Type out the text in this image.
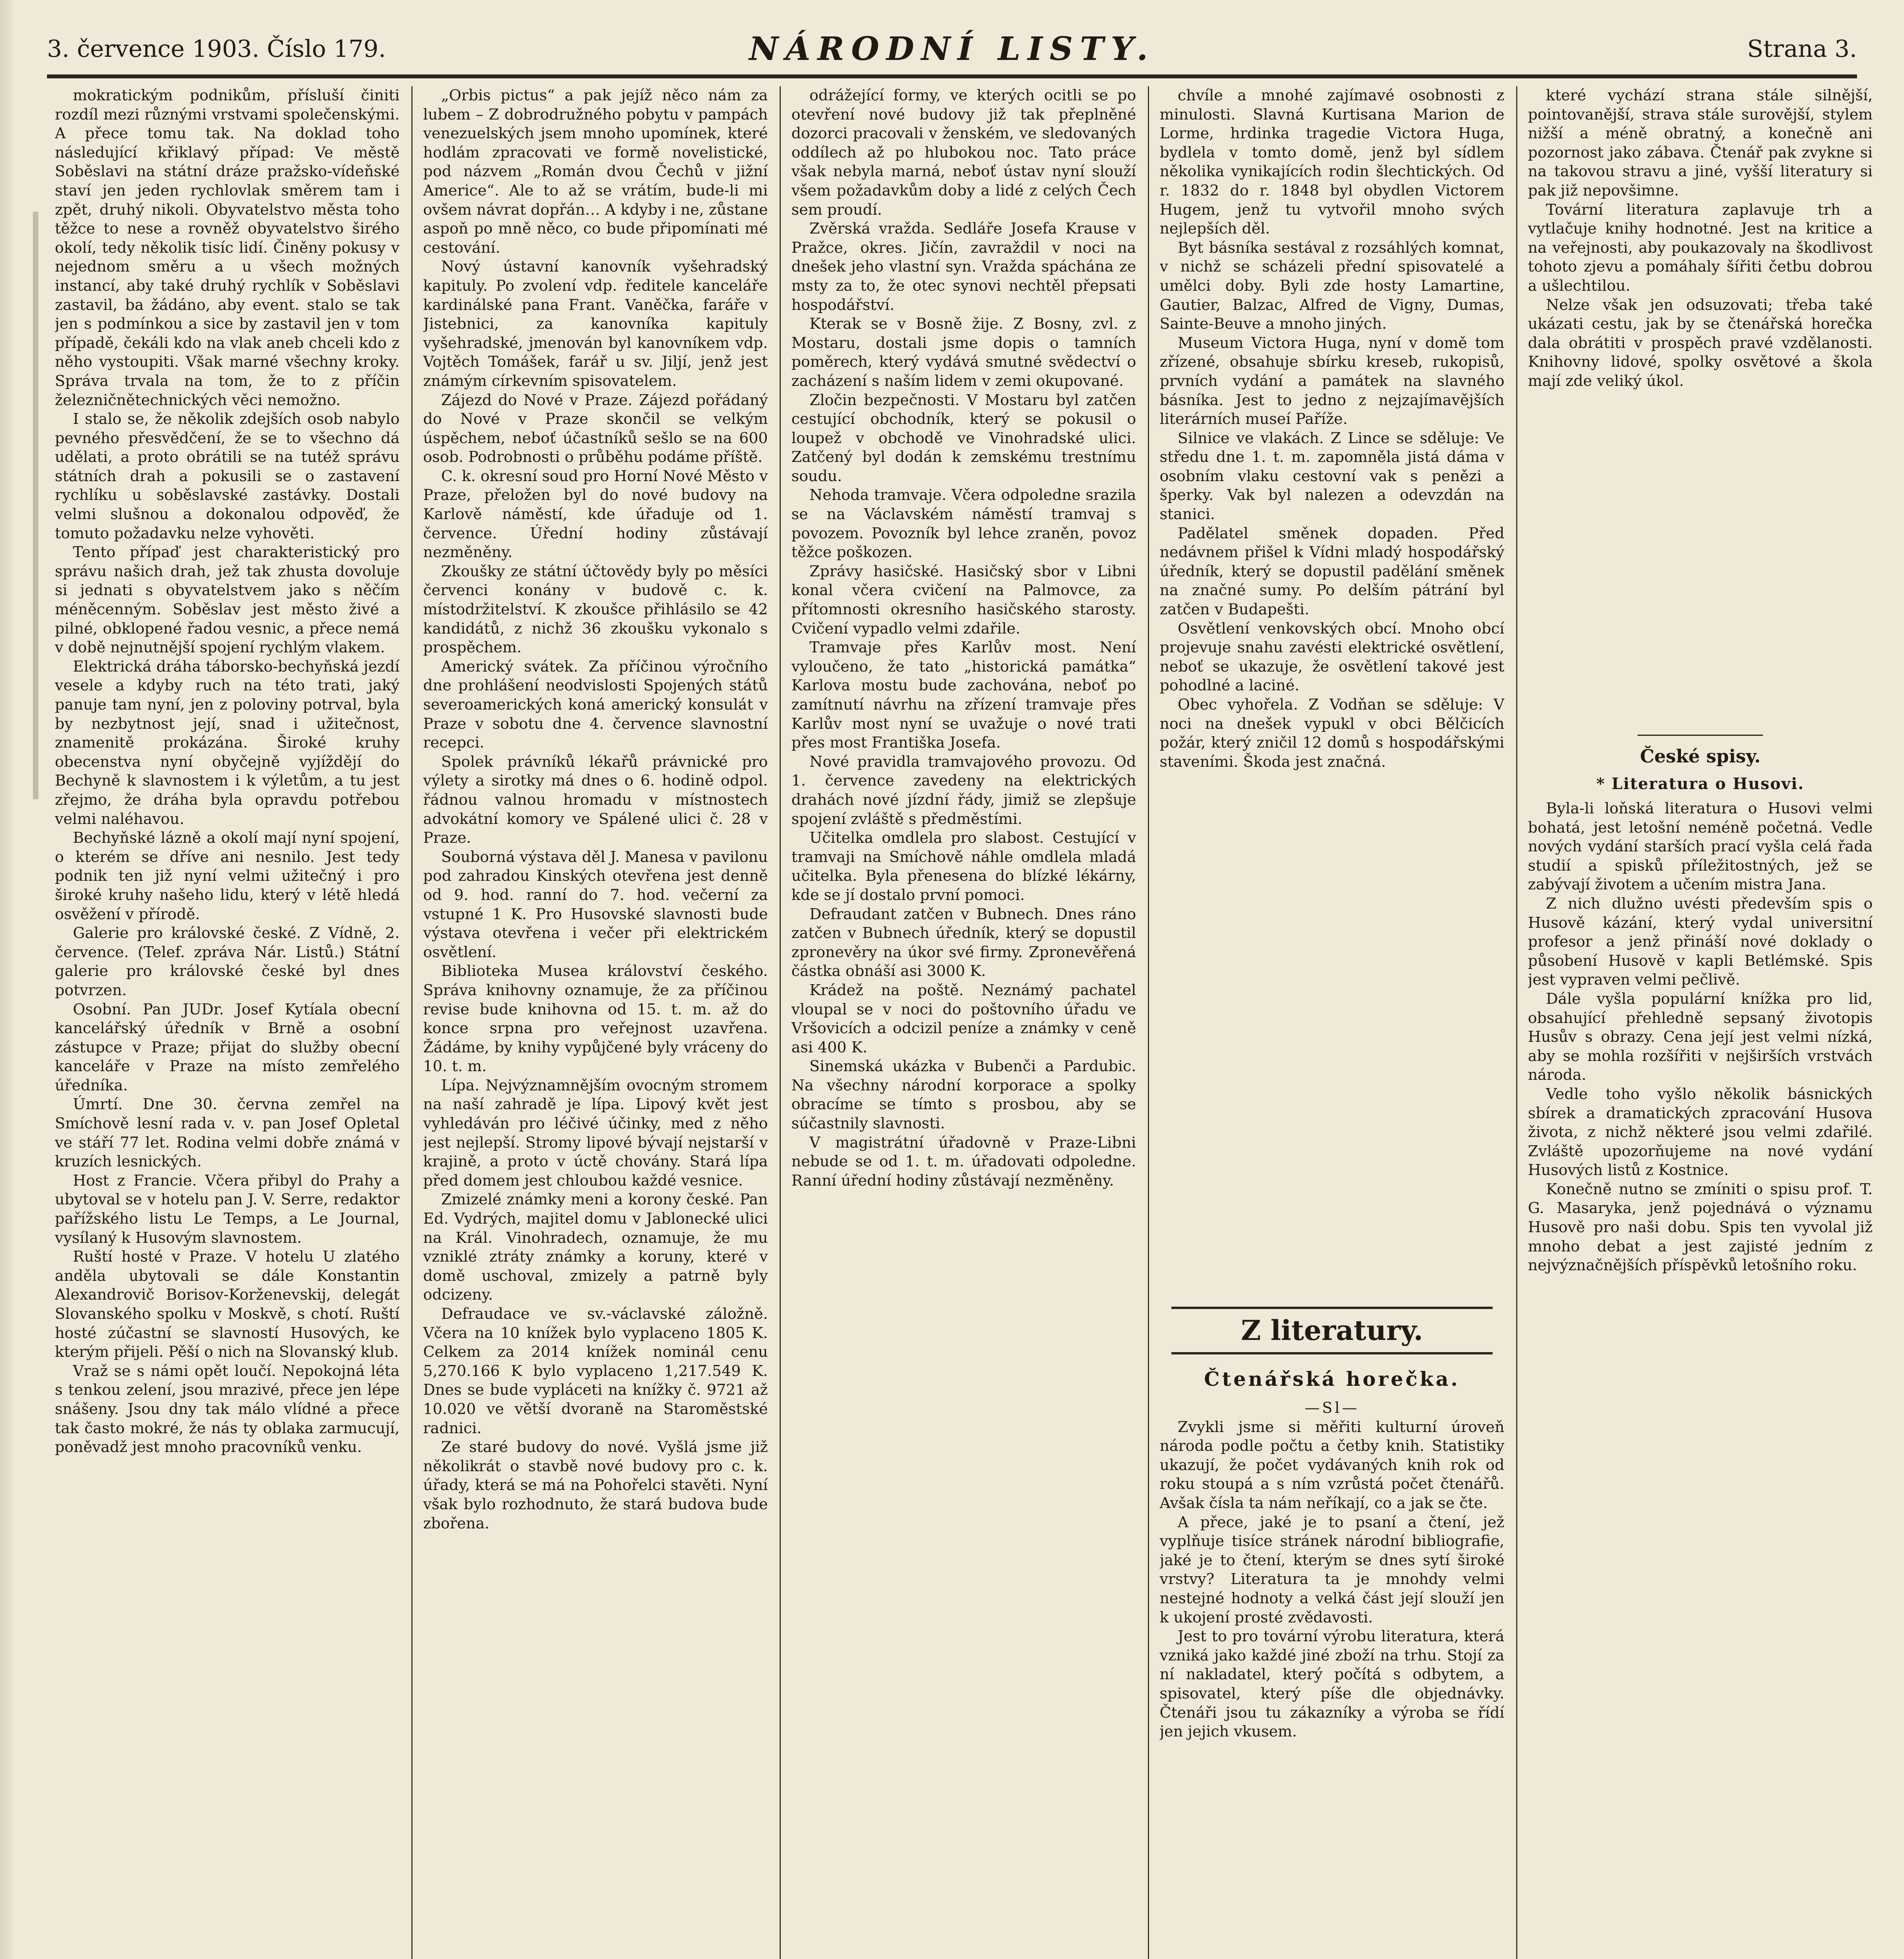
3. července 1903. Číslo 179.	NÁRODNÍ LISTY.	Strana 3.

mokratickým podnikům, přísluší činiti rozdíl mezi různými vrstvami společenskými. A přece tomu tak. Na doklad toho následující křiklavý případ: Ve městě Soběslavi na státní dráze pražsko-vídeňské staví jen jeden rychlovlak směrem tam i zpět, druhý nikoli. Obyvatelstvo města toho těžce to nese a rovněž obyvatelstvo širého okolí, tedy několik tisíc lidí. Činěny pokusy v nejednom směru a u všech možných instancí, aby také druhý rychlík v Soběslavi zastavil, ba žádáno, aby event. stalo se tak jen s podmínkou a sice by zastavil jen v tom případě, čekáli kdo na vlak aneb chceli kdo z něho vystoupiti. Však marné všechny kroky. Správa trvala na tom, že to z příčin železničnětechnických věci nemožno.

I stalo se, že několik zdejších osob nabylo pevného přesvědčení, že se to všechno dá udělati, a proto obrátili se na tutéž správu státních drah a pokusili se o zastavení rychlíku u soběslavské zastávky. Dostali velmi slušnou a dokonalou odpověď, že tomuto požadavku nelze vyhověti.

Tento přípaď jest charakteristický pro správu našich drah, jež tak zhusta dovoluje si jednati s obyvatelstvem jako s něčím méněcenným. Soběslav jest město živé a pilné, obklopené řadou vesnic, a přece nemá v době nejnutnější spojení rychlým vlakem.

Elektrická dráha táborsko-bechyňská jezdí vesele a kdyby ruch na této trati, jaký panuje tam nyní, jen z poloviny potrval, byla by nezbytnost její, snad i užitečnost, znamenitě prokázána. Široké kruhy obecenstva nyní obyčejně vyjíždějí do Bechyně k slavnostem i k výletům, a tu jest zřejmo, že dráha byla opravdu potřebou velmi naléhavou.

Bechyňské lázně a okolí mají nyní spojení, o kterém se dříve ani nesnilo. Jest tedy podnik ten již nyní velmi užitečný i pro široké kruhy našeho lidu, který v létě hledá osvěžení v přírodě.

Galerie pro královské české. Z Vídně, 2. července. (Telef. zpráva Nár. Listů.) Státní galerie pro královské české byl dnes potvrzen.

Osobní. Pan JUDr. Josef Kytíala obecní kancelářský úředník v Brně a osobní zástupce v Praze; přijat do služby obecní kanceláře v Praze na místo zemřelého úředníka.

Úmrtí. Dne 30. června zemřel na Smíchově lesní rada v. v. pan Josef Opletal ve stáří 77 let. Rodina velmi dobře známá v kruzích lesnických.

Host z Francie. Včera přibyl do Prahy a ubytoval se v hotelu pan J. V. Serre, redaktor pařížského listu Le Temps, a Le Journal, vysílaný k Husovým slavnostem.

Ruští hosté v Praze. V hotelu U zlatého anděla ubytovali se dále Konstantin Alexandrovič Borisov-Korženevskij, delegát Slovanského spolku v Moskvě, s chotí. Ruští hosté zúčastní se slavností Husových, ke kterým přijeli. Pěší o nich na Slovanský klub.

Vraž se s námi opět loučí. Nepokojná léta s tenkou zelení, jsou mrazivé, přece jen lépe snášeny. Jsou dny tak málo vlídné a přece tak často mokré, že nás ty oblaka zarmucují, poněvadž jest mnoho pracovníků venku.

„Orbis pictus“ a pak jejíž něco nám za lubem – Z dobrodružného pobytu v pampách venezuelských jsem mnoho upomínek, které hodlám zpracovati ve formě novelistické, pod názvem „Román dvou Čechů v jižní Americe“. Ale to až se vrátím, bude-li mi ovšem návrat dopřán… A kdyby i ne, zůstane aspoň po mně něco, co bude připomínati mé cestování.

Nový ústavní kanovník vyšehradský kapituly. Po zvolení vdp. ředitele kanceláře kardinálské pana Frant. Vaněčka, faráře v Jistebnici, za kanovníka kapituly vyšehradské, jmenován byl kanovníkem vdp. Vojtěch Tomášek, farář u sv. Jiljí, jenž jest známým církevním spisovatelem.

Zájezd do Nové v Praze. Zájezd pořádaný do Nové v Praze skončil se velkým úspěchem, neboť účastníků sešlo se na 600 osob. Podrobnosti o průběhu podáme příště.

C. k. okresní soud pro Horní Nové Město v Praze, přeložen byl do nové budovy na Karlově náměstí, kde úřaduje od 1. července. Úřední hodiny zůstávají nezměněny.

Zkoušky ze státní účtovědy byly po měsíci červenci konány v budově c. k. místodržitelství. K zkoušce přihlásilo se 42 kandidátů, z nichž 36 zkoušku vykonalo s prospěchem.

Americký svátek. Za příčinou výročního dne prohlášení neodvislosti Spojených států severoamerických koná americký konsulát v Praze v sobotu dne 4. července slavnostní recepci.

Spolek právníků lékařů právnické pro výlety a sirotky má dnes o 6. hodině odpol. řádnou valnou hromadu v místnostech advokátní komory ve Spálené ulici č. 28 v Praze.

Souborná výstava děl J. Manesa v pavilonu pod zahradou Kinských otevřena jest denně od 9. hod. ranní do 7. hod. večerní za vstupné 1 K. Pro Husovské slavnosti bude výstava otevřena i večer při elektrickém osvětlení.

Biblioteka Musea království českého. Správa knihovny oznamuje, že za příčinou revise bude knihovna od 15. t. m. až do konce srpna pro veřejnost uzavřena. Žádáme, by knihy vypůjčené byly vráceny do 10. t. m.

Lípa. Nejvýznamnějším ovocným stromem na naší zahradě je lípa. Lipový květ jest vyhledáván pro léčivé účinky, med z něho jest nejlepší. Stromy lipové bývají nejstarší v krajině, a proto v úctě chovány. Stará lípa před domem jest chloubou každé vesnice.

Zmizelé známky meni a korony české. Pan Ed. Vydrých, majitel domu v Jablonecké ulici na Král. Vinohradech, oznamuje, že mu vzniklé ztráty známky a koruny, které v domě uschoval, zmizely a patrně byly odcizeny.

Defraudace ve sv.-václavské záložně. Včera na 10 knížek bylo vyplaceno 1805 K. Celkem za 2014 knížek nominál cenu 5,270.166 K bylo vyplaceno 1,217.549 K. Dnes se bude vypláceti na knížky č. 9721 až 10.020 ve větší dvoraně na Staroměstské radnici.

Ze staré budovy do nové. Vyšlá jsme již několikrát o stavbě nové budovy pro c. k. úřady, která se má na Pohořelci stavěti. Nyní však bylo rozhodnuto, že stará budova bude zbořena.

odrážející formy, ve kterých ocitli se po otevření nové budovy již tak přeplněné dozorci pracovali v ženském, ve sledovaných oddílech až po hlubokou noc. Tato práce však nebyla marná, neboť ústav nyní slouží všem požadavkům doby a lidé z celých Čech sem proudí.

Zvěrská vražda. Sedláře Josefa Krause v Pražce, okres. Jičín, zavraždil v noci na dnešek jeho vlastní syn. Vražda spáchána ze msty za to, že otec synovi nechtěl přepsati hospodářství.

Kterak se v Bosně žije. Z Bosny, zvl. z Mostaru, dostali jsme dopis o tamních poměrech, který vydává smutné svědectví o zacházení s naším lidem v zemi okupované.

Zločin bezpečnosti. V Mostaru byl zatčen cestující obchodník, který se pokusil o loupež v obchodě ve Vinohradské ulici. Zatčený byl dodán k zemskému trestnímu soudu.

Nehoda tramvaje. Včera odpoledne srazila se na Václavském náměstí tramvaj s povozem. Povozník byl lehce zraněn, povoz těžce poškozen.

Zprávy hasičské. Hasičský sbor v Libni konal včera cvičení na Palmovce, za přítomnosti okresního hasičského starosty. Cvičení vypadlo velmi zdařile.

Tramvaje přes Karlův most. Není vyloučeno, že tato „historická památka“ Karlova mostu bude zachována, neboť po zamítnutí návrhu na zřízení tramvaje přes Karlův most nyní se uvažuje o nové trati přes most Františka Josefa.

Nové pravidla tramvajového provozu. Od 1. července zavedeny na elektrických drahách nové jízdní řády, jimiž se zlepšuje spojení zvláště s předměstími.

Učitelka omdlela pro slabost. Cestující v tramvaji na Smíchově náhle omdlela mladá učitelka. Byla přenesena do blízké lékárny, kde se jí dostalo první pomoci.

Defraudant zatčen v Bubnech. Dnes ráno zatčen v Bubnech úředník, který se dopustil zpronevěry na úkor své firmy. Zpronevěřená částka obnáší asi 3000 K.

Krádež na poště. Neznámý pachatel vloupal se v noci do poštovního úřadu ve Vršovicích a odcizil peníze a známky v ceně asi 400 K.

Sinemská ukázka v Bubenči a Pardubic. Na všechny národní korporace a spolky obracíme se tímto s prosbou, aby se súčastnily slavnosti.

V magistrátní úřadovně v Praze-Libni nebude se od 1. t. m. úřadovati odpoledne. Ranní úřední hodiny zůstávají nezměněny.

chvíle a mnohé zajímavé osobnosti z minulosti. Slavná Kurtisana Marion de Lorme, hrdinka tragedie Victora Huga, bydlela v tomto domě, jenž byl sídlem několika vynikajících rodin šlechtických. Od r. 1832 do r. 1848 byl obydlen Victorem Hugem, jenž tu vytvořil mnoho svých nejlepších děl.

Byt básníka sestával z rozsáhlých komnat, v nichž se scházeli přední spisovatelé a umělci doby. Byli zde hosty Lamartine, Gautier, Balzac, Alfred de Vigny, Dumas, Sainte-Beuve a mnoho jiných.

Museum Victora Huga, nyní v domě tom zřízené, obsahuje sbírku kreseb, rukopisů, prvních vydání a památek na slavného básníka. Jest to jedno z nejzajímavějších literárních museí Paříže.

Silnice ve vlakách. Z Lince se sděluje: Ve středu dne 1. t. m. zapomněla jistá dáma v osobním vlaku cestovní vak s penězi a šperky. Vak byl nalezen a odevzdán na stanici.

Padělatel směnek dopaden. Před nedávnem přišel k Vídni mladý hospodářský úředník, který se dopustil padělání směnek na značné sumy. Po delším pátrání byl zatčen v Budapešti.

Osvětlení venkovských obcí. Mnoho obcí projevuje snahu zavésti elektrické osvětlení, neboť se ukazuje, že osvětlení takové jest pohodlné a laciné.

Obec vyhořela. Z Vodňan se sděluje: V noci na dnešek vypukl v obci Bělčicích požár, který zničil 12 domů s hospodářskými staveními. Škoda jest značná.

které vychází strana stále silnější, pointovanější, strava stále surovější, stylem nižší a méně obratný, a konečně ani pozornost jako zábava. Čtenář pak zvykne si na takovou stravu a jiné, vyšší literatury si pak již nepovšimne.

Tovární literatura zaplavuje trh a vytlačuje knihy hodnotné. Jest na kritice a na veřejnosti, aby poukazovaly na škodlivost tohoto zjevu a pomáhaly šířiti četbu dobrou a ušlechtilou.

Nelze však jen odsuzovati; třeba také ukázati cestu, jak by se čtenářská horečka dala obrátiti v prospěch pravé vzdělanosti. Knihovny lidové, spolky osvětové a škola mají zde veliký úkol.

Z literatury.
Čtenářská horečka.

—Sl—

Zvykli jsme si měřiti kulturní úroveň národa podle počtu a četby knih. Statistiky ukazují, že počet vydávaných knih rok od roku stoupá a s ním vzrůstá počet čtenářů. Avšak čísla ta nám neříkají, co a jak se čte.

A přece, jaké je to psaní a čtení, jež vyplňuje tisíce stránek národní bibliografie, jaké je to čtení, kterým se dnes sytí široké vrstvy? Literatura ta je mnohdy velmi nestejné hodnoty a velká část její slouží jen k ukojení prosté zvědavosti.

Jest to pro tovární výrobu literatura, která vzniká jako každé jiné zboží na trhu. Stojí za ní nakladatel, který počítá s odbytem, a spisovatel, který píše dle objednávky. Čtenáři jsou tu zákazníky a výroba se řídí jen jejich vkusem.

České spisy.
* Literatura o Husovi.

Byla-li loňská literatura o Husovi velmi bohatá, jest letošní neméně početná. Vedle nových vydání starších prací vyšla celá řada studií a spisků příležitostných, jež se zabývají životem a učením mistra Jana.

Z nich dlužno uvésti především spis o Husově kázání, který vydal universitní profesor a jenž přináší nové doklady o působení Husově v kapli Betlémské. Spis jest vypraven velmi pečlivě.

Dále vyšla populární knížka pro lid, obsahující přehledně sepsaný životopis Husův s obrazy. Cena její jest velmi nízká, aby se mohla rozšířiti v nejširších vrstvách národa.

Vedle toho vyšlo několik básnických sbírek a dramatických zpracování Husova života, z nichž některé jsou velmi zdařilé. Zvláště upozorňujeme na nové vydání Husových listů z Kostnice.

Konečně nutno se zmíniti o spisu prof. T. G. Masaryka, jenž pojednává o významu Husově pro naši dobu. Spis ten vyvolal již mnoho debat a jest zajisté jedním z nejvýznačnějších příspěvků letošního roku.
